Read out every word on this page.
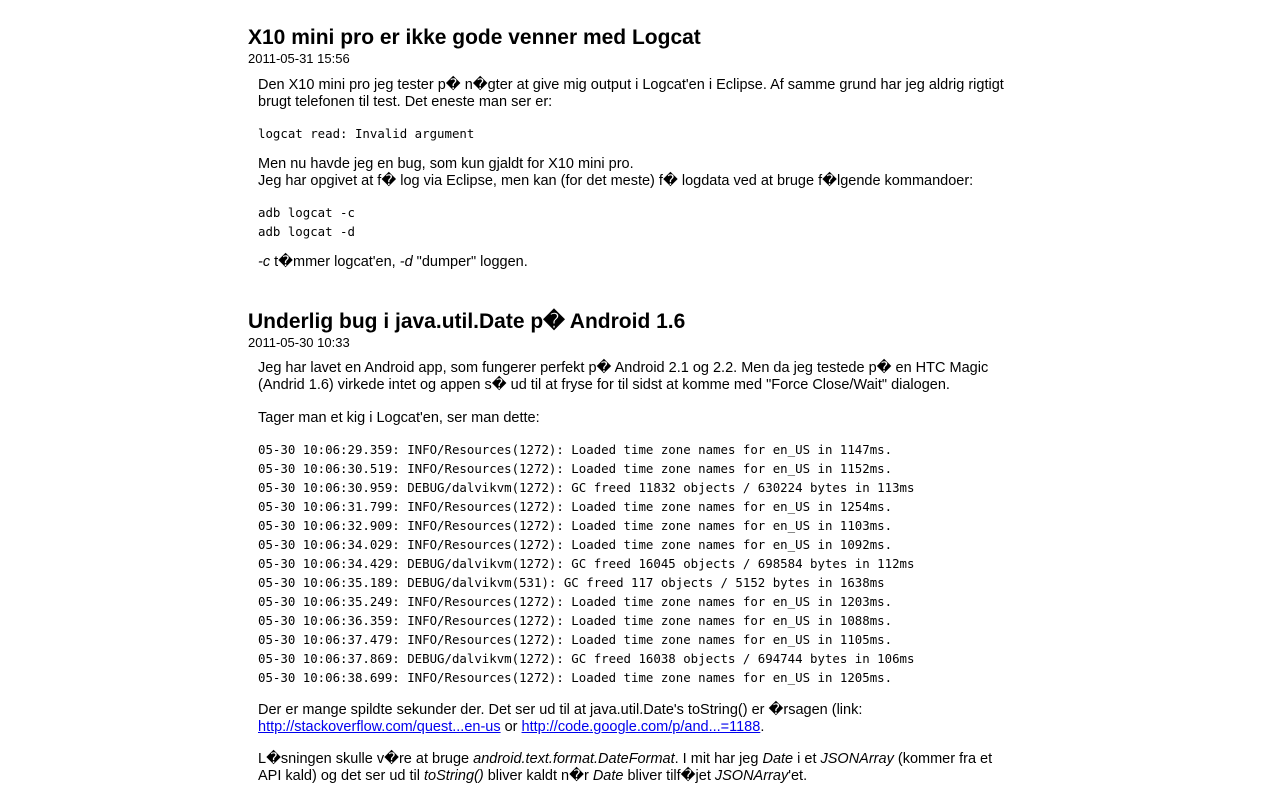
X10 mini pro er ikke gode venner med Logcat
2011-05-31 15:56

Den X10 mini pro jeg tester p� n�gter at give mig output i Logcat'en i Eclipse. Af samme grund har jeg aldrig rigtigt brugt telefonen til test. Det eneste man ser er:

logcat read: Invalid argument

Men nu havde jeg en bug, som kun gjaldt for X10 mini pro.

Jeg har opgivet at f� log via Eclipse, men kan (for det meste) f� logdata ved at bruge f�lgende kommandoer:

adb logcat -c
adb logcat -d

-c t�mmer logcat'en, -d "dumper" loggen.

Underlig bug i java.util.Date p� Android 1.6
2011-05-30 10:33

Jeg har lavet en Android app, som fungerer perfekt p� Android 2.1 og 2.2. Men da jeg testede p� en HTC Magic (Andrid 1.6) virkede intet og appen s� ud til at fryse for til sidst at komme med "Force Close/Wait" dialogen.

Tager man et kig i Logcat'en, ser man dette:

05-30 10:06:29.359: INFO/Resources(1272): Loaded time zone names for en_US in 1147ms.
05-30 10:06:30.519: INFO/Resources(1272): Loaded time zone names for en_US in 1152ms.
05-30 10:06:30.959: DEBUG/dalvikvm(1272): GC freed 11832 objects / 630224 bytes in 113ms
05-30 10:06:31.799: INFO/Resources(1272): Loaded time zone names for en_US in 1254ms.
05-30 10:06:32.909: INFO/Resources(1272): Loaded time zone names for en_US in 1103ms.
05-30 10:06:34.029: INFO/Resources(1272): Loaded time zone names for en_US in 1092ms.
05-30 10:06:34.429: DEBUG/dalvikvm(1272): GC freed 16045 objects / 698584 bytes in 112ms
05-30 10:06:35.189: DEBUG/dalvikvm(531): GC freed 117 objects / 5152 bytes in 1638ms
05-30 10:06:35.249: INFO/Resources(1272): Loaded time zone names for en_US in 1203ms.
05-30 10:06:36.359: INFO/Resources(1272): Loaded time zone names for en_US in 1088ms.
05-30 10:06:37.479: INFO/Resources(1272): Loaded time zone names for en_US in 1105ms.
05-30 10:06:37.869: DEBUG/dalvikvm(1272): GC freed 16038 objects / 694744 bytes in 106ms
05-30 10:06:38.699: INFO/Resources(1272): Loaded time zone names for en_US in 1205ms.

Der er mange spildte sekunder der. Det ser ud til at java.util.Date's toString() er �rsagen (link: http://stackoverflow.com/quest...en-us or http://code.google.com/p/and...=1188.

L�sningen skulle v�re at bruge android.text.format.DateFormat. I mit har jeg Date i et JSONArray (kommer fra et API kald) og det ser ud til toString() bliver kaldt n�r Date bliver tilf�jet JSONArray'et.
